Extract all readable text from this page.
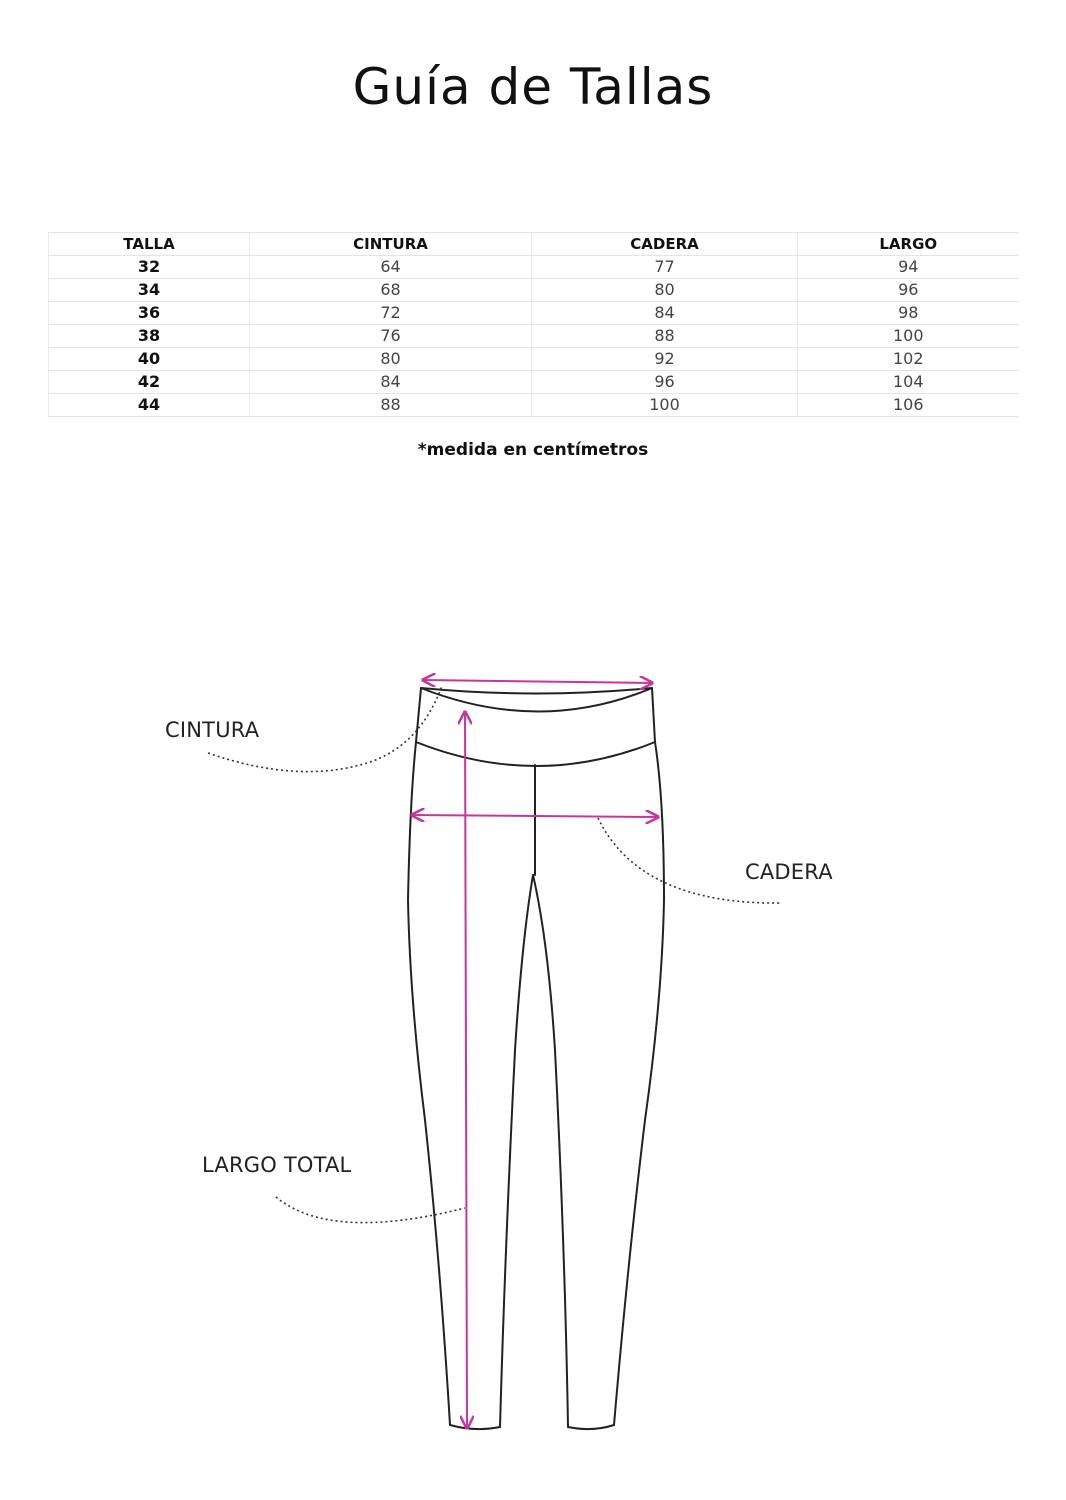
Guía de Tallas
TALLA	CINTURA	CADERA	LARGO
32	64	77	94
34	68	80	96
36	72	84	98
38	76	88	100
40	80	92	102
42	84	96	104
44	88	100	106
*medida en centímetros
CINTURA
CADERA
LARGO TOTAL
